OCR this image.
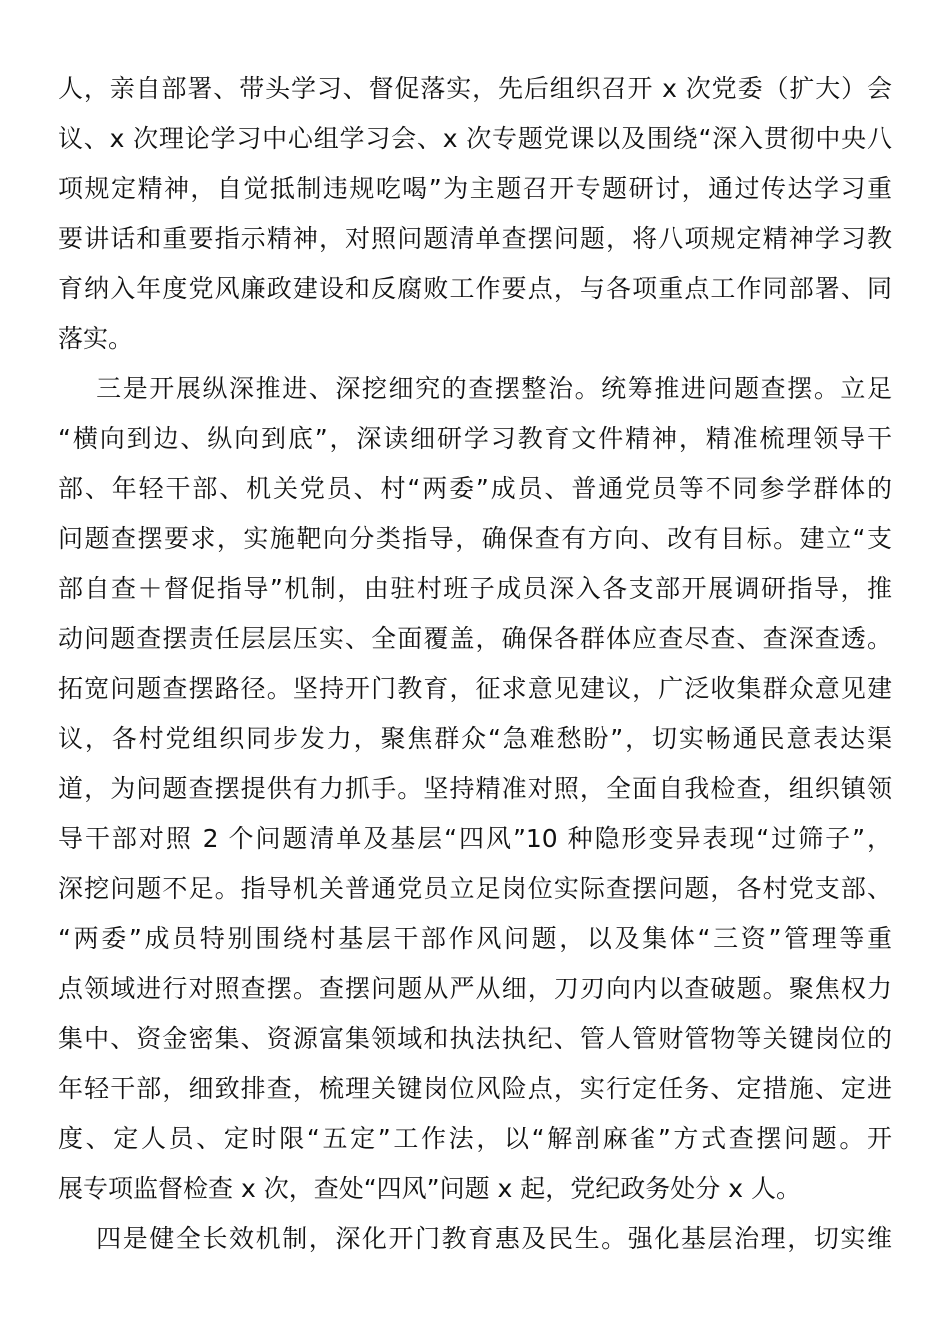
人，亲自部署、带头学习、督促落实，先后组织召开 x 次党委（扩大）会
议、x 次理论学习中心组学习会、x 次专题党课以及围绕“深入贯彻中央八
项规定精神，自觉抵制违规吃喝”为主题召开专题研讨，通过传达学习重
要讲话和重要指示精神，对照问题清单查摆问题，将八项规定精神学习教
育纳入年度党风廉政建设和反腐败工作要点，与各项重点工作同部署、同
落实。
三是开展纵深推进、深挖细究的查摆整治。统筹推进问题查摆。立足
“横向到边、纵向到底”，深读细研学习教育文件精神，精准梳理领导干
部、年轻干部、机关党员、村“两委”成员、普通党员等不同参学群体的
问题查摆要求，实施靶向分类指导，确保查有方向、改有目标。建立“支
部自查＋督促指导”机制，由驻村班子成员深入各支部开展调研指导，推
动问题查摆责任层层压实、全面覆盖，确保各群体应查尽查、查深查透。
拓宽问题查摆路径。坚持开门教育，征求意见建议，广泛收集群众意见建
议，各村党组织同步发力，聚焦群众“急难愁盼”，切实畅通民意表达渠
道，为问题查摆提供有力抓手。坚持精准对照，全面自我检查，组织镇领
导干部对照 2 个问题清单及基层“四风”10 种隐形变异表现“过筛子”，
深挖问题不足。指导机关普通党员立足岗位实际查摆问题，各村党支部、
“两委”成员特别围绕村基层干部作风问题，以及集体“三资”管理等重
点领域进行对照查摆。查摆问题从严从细，刀刃向内以查破题。聚焦权力
集中、资金密集、资源富集领域和执法执纪、管人管财管物等关键岗位的
年轻干部，细致排查，梳理关键岗位风险点，实行定任务、定措施、定进
度、定人员、定时限“五定”工作法，以“解剖麻雀”方式查摆问题。开
展专项监督检查 x 次，查处“四风”问题 x 起，党纪政务处分 x 人。
四是健全长效机制，深化开门教育惠及民生。强化基层治理，切实维
